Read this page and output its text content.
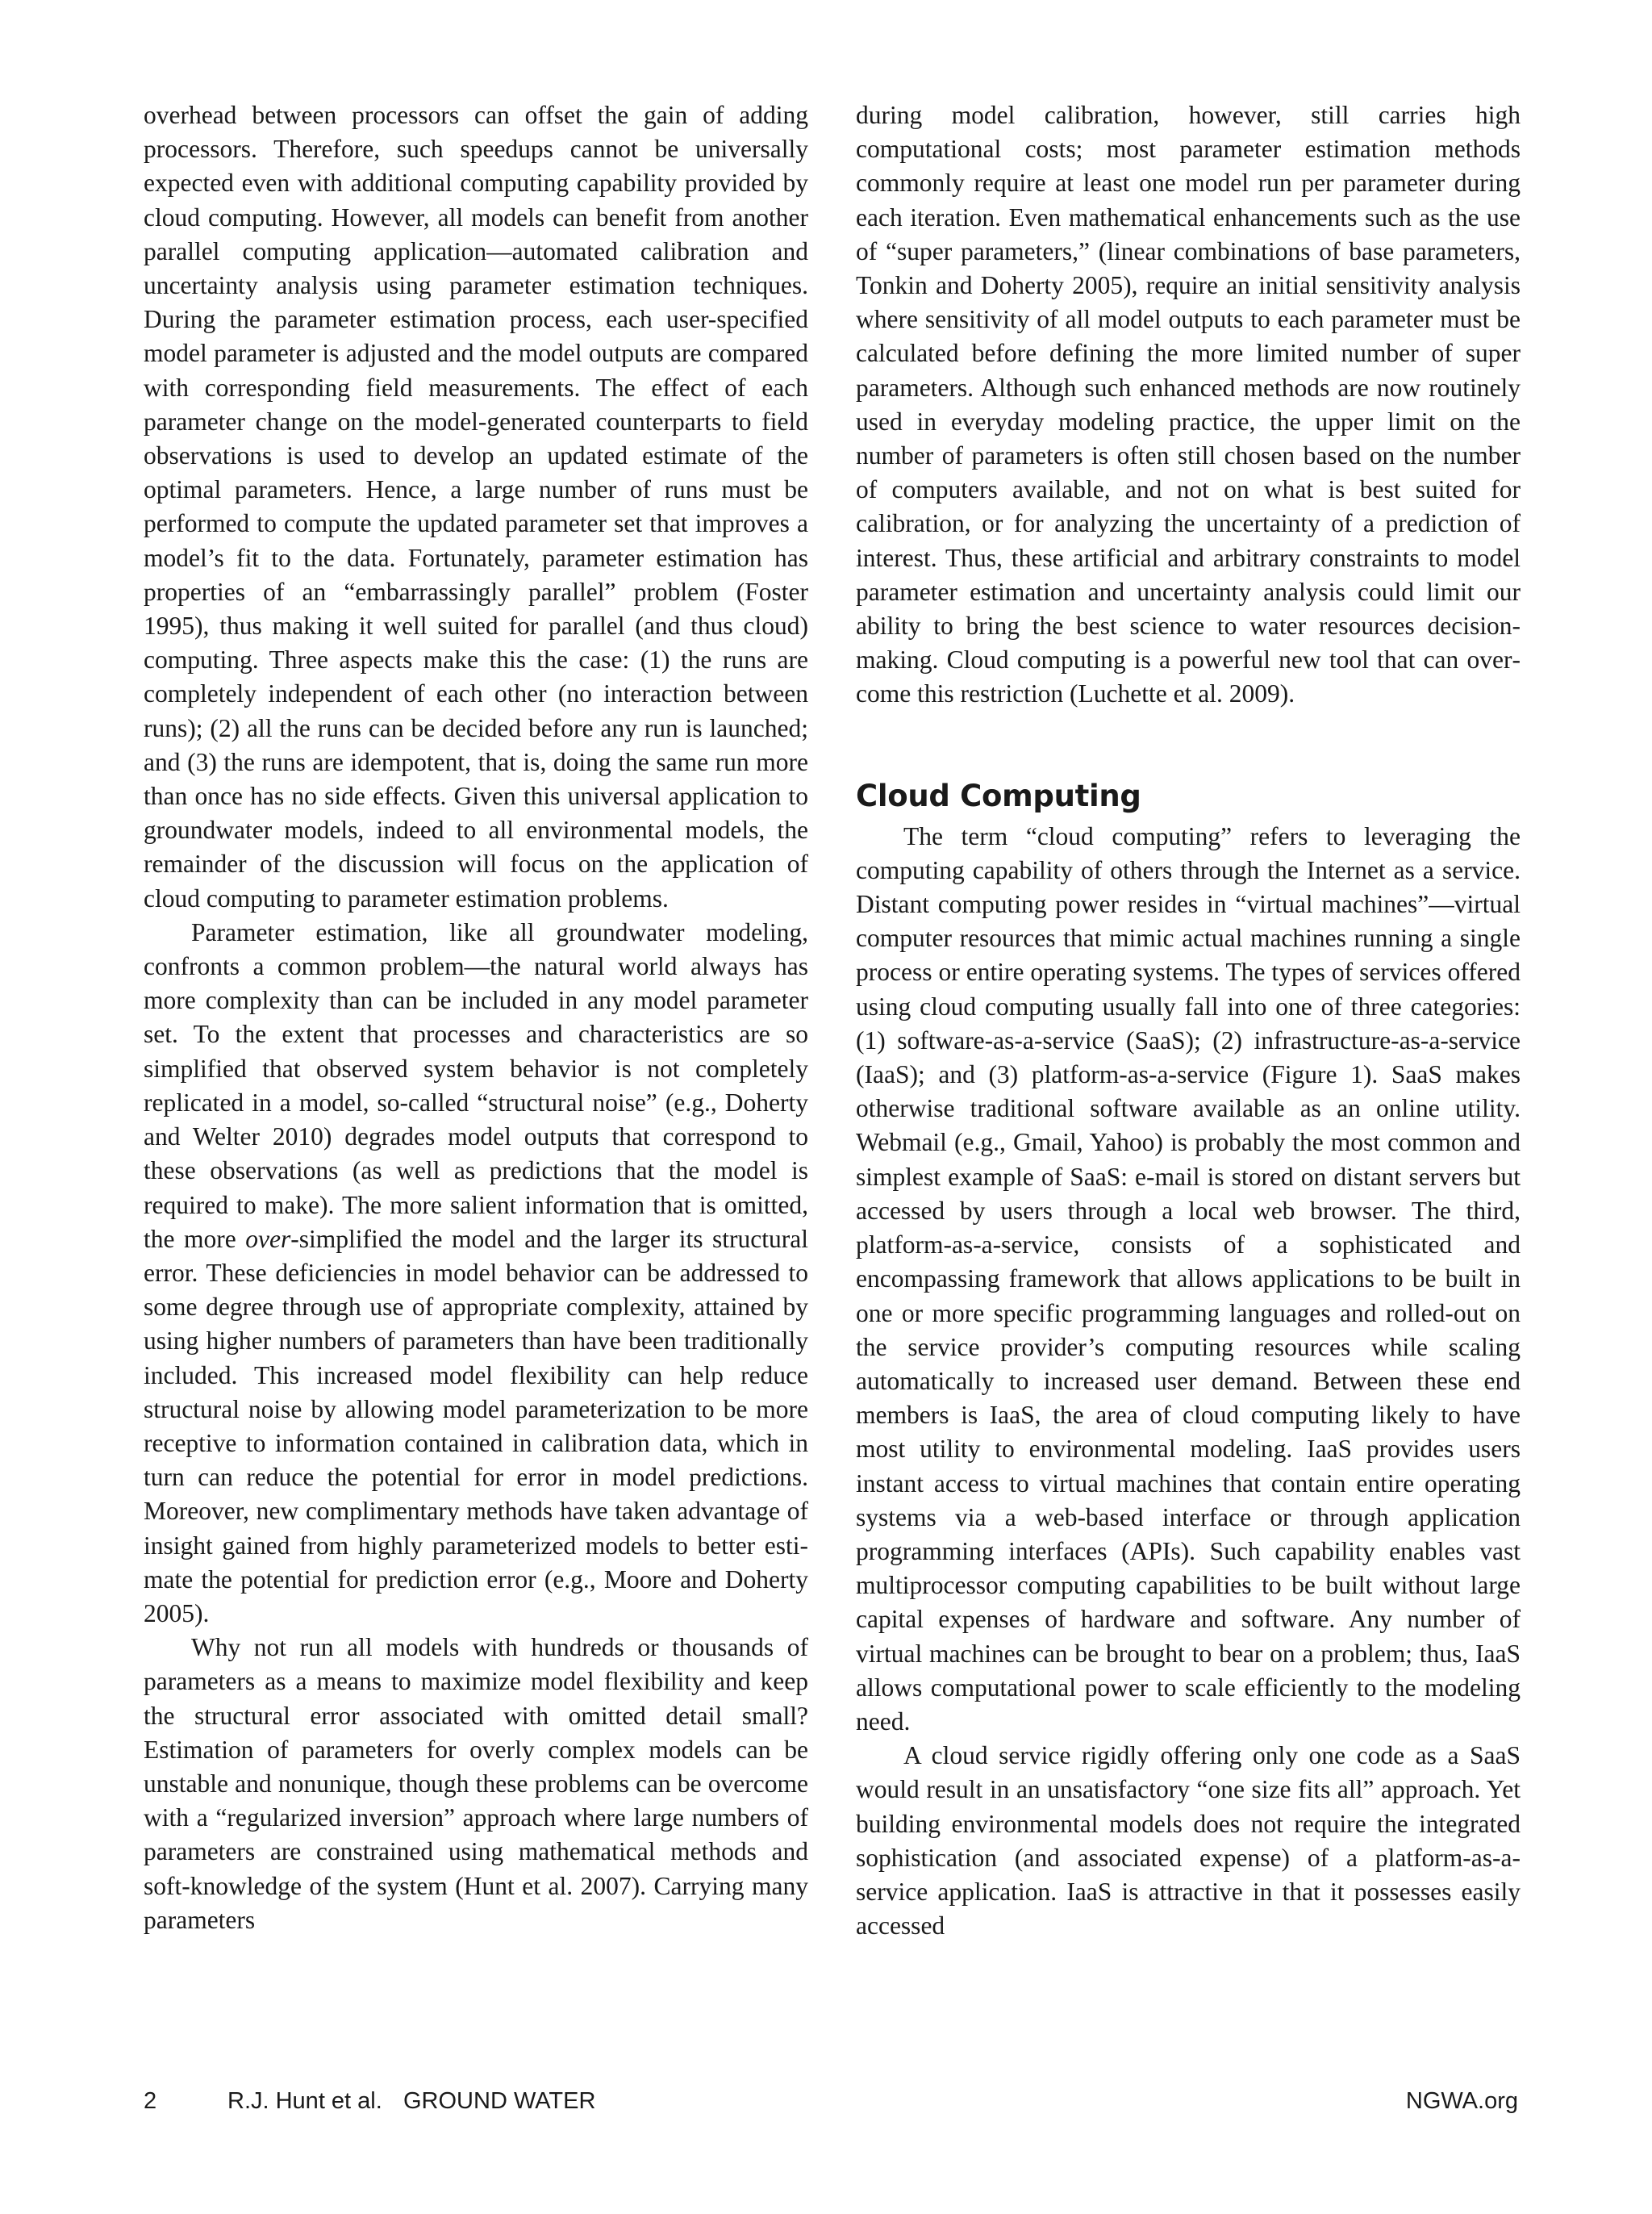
overhead between processors can offset the gain of adding processors. Therefore, such speedups cannot be universally expected even with additional computing capability provided by cloud computing. However, all models can benefit from another parallel computing application—automated calibration and uncertainty analysis using parameter estimation techniques. During the parameter estimation process, each user-specified model parameter is adjusted and the model outputs are compared with corresponding field measurements. The effect of each parameter change on the model-generated counterparts to field observations is used to develop an updated estimate of the optimal parameters. Hence, a large number of runs must be performed to compute the updated parameter set that improves a model’s fit to the data. Fortunately, parameter estimation has properties of an “embarrassingly parallel” problem (Foster 1995), thus making it well suited for parallel (and thus cloud) computing. Three aspects make this the case: (1) the runs are completely independent of each other (no interaction between runs); (2) all the runs can be decided before any run is launched; and (3) the runs are idempotent, that is, doing the same run more than once has no side effects. Given this universal application to groundwater models, indeed to all environmental models, the remainder of the discussion will focus on the application of cloud computing to parameter estimation problems.

Parameter estimation, like all groundwater modeling, confronts a common problem—the natural world always has more complexity than can be included in any model parameter set. To the extent that processes and characteristics are so simplified that observed system behavior is not completely replicated in a model, so-called “structural noise” (e.g., Doherty and Welter 2010) degrades model outputs that correspond to these observations (as well as predictions that the model is required to make). The more salient information that is omitted, the more over-simplified the model and the larger its structural error. These deficiencies in model behavior can be addressed to some degree through use of appropriate complexity, attained by using higher numbers of parameters than have been traditionally included. This increased model flexibility can help reduce structural noise by allowing model parameterization to be more receptive to information contained in calibration data, which in turn can reduce the potential for error in model predictions. Moreover, new complimentary methods have taken advantage of insight gained from highly parameterized models to better estimate the potential for prediction error (e.g., Moore and Doherty 2005).

Why not run all models with hundreds or thousands of parameters as a means to maximize model flexibility and keep the structural error associated with omitted detail small? Estimation of parameters for overly complex models can be unstable and nonunique, though these problems can be overcome with a “regularized inversion” approach where large numbers of parameters are constrained using mathematical methods and soft-knowledge of the system (Hunt et al. 2007). Carrying many parameters

during model calibration, however, still carries high computational costs; most parameter estimation methods commonly require at least one model run per parameter during each iteration. Even mathematical enhancements such as the use of “super parameters,” (linear combinations of base parameters, Tonkin and Doherty 2005), require an initial sensitivity analysis where sensitivity of all model outputs to each parameter must be calculated before defining the more limited number of super parameters. Although such enhanced methods are now routinely used in everyday modeling practice, the upper limit on the number of parameters is often still chosen based on the number of computers available, and not on what is best suited for calibration, or for analyzing the uncertainty of a prediction of interest. Thus, these artificial and arbitrary constraints to model parameter estimation and uncertainty analysis could limit our ability to bring the best science to water resources decision-making. Cloud computing is a powerful new tool that can overcome this restriction (Luchette et al. 2009).

Cloud Computing

The term “cloud computing” refers to leveraging the computing capability of others through the Internet as a service. Distant computing power resides in “virtual machines”—virtual computer resources that mimic actual machines running a single process or entire operating systems. The types of services offered using cloud computing usually fall into one of three categories: (1) software-as-a-service (SaaS); (2) infrastructure-as-a-service (IaaS); and (3) platform-as-a-service (Figure 1). SaaS makes otherwise traditional software available as an online utility. Webmail (e.g., Gmail, Yahoo) is probably the most common and simplest example of SaaS: e-mail is stored on distant servers but accessed by users through a local web browser. The third, platform-as-a-service, consists of a sophisticated and encompassing framework that allows applications to be built in one or more specific programming languages and rolled-out on the service provider’s computing resources while scaling automatically to increased user demand. Between these end members is IaaS, the area of cloud computing likely to have most utility to environmental modeling. IaaS provides users instant access to virtual machines that contain entire operating systems via a web-based interface or through application programming interfaces (APIs). Such capability enables vast multiprocessor computing capabilities to be built without large capital expenses of hardware and software. Any number of virtual machines can be brought to bear on a problem; thus, IaaS allows computational power to scale efficiently to the modeling need.

A cloud service rigidly offering only one code as a SaaS would result in an unsatisfactory “one size fits all” approach. Yet building environmental models does not require the integrated sophistication (and associated expense) of a platform-as-a-service application. IaaS is attractive in that it possesses easily accessed

2	R.J. Hunt et al. GROUND WATER	NGWA.org
